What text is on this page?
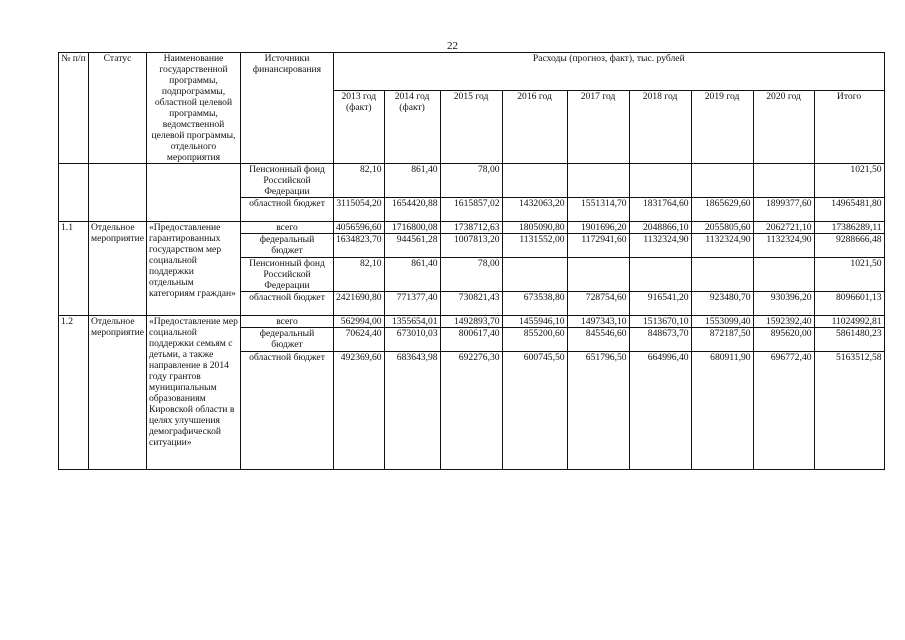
22
№ п/п	Статус	Наименование государственной программы, подпрограммы, областной целевой программы, ведомственной целевой программы, отдельного мероприятия	Источники финансирования	Расходы (прогноз, факт), тыс. рублей								
				2013 год (факт)	2014 год (факт)	2015 год	2016 год	2017 год	2018 год	2019 год	2020 год	Итого
			Пенсионный фонд Российской Федерации	82,10	861,40	78,00						1021,50
			областной бюджет	3115054,20	1654420,88	1615857,02	1432063,20	1551314,70	1831764,60	1865629,60	1899377,60	14965481,80
1.1	Отдельное мероприятие	«Предоставление гарантированных государством мер социальной поддержки отдельным категориям граждан»	всего	4056596,60	1716800,08	1738712,63	1805090,80	1901696,20	2048866,10	2055805,60	2062721,10	17386289,11
			федеральный бюджет	1634823,70	944561,28	1007813,20	1131552,00	1172941,60	1132324,90	1132324,90	1132324,90	9288666,48
			Пенсионный фонд Российской Федерации	82,10	861,40	78,00						1021,50
			областной бюджет	2421690,80	771377,40	730821,43	673538,80	728754,60	916541,20	923480,70	930396,20	8096601,13
1.2	Отдельное мероприятие	«Предоставление мер социальной поддержки семьям с детьми, а также направление в 2014 году грантов муниципальным образованиям Кировской области в целях улучшения демографической ситуации»	всего	562994,00	1355654,01	1492893,70	1455946,10	1497343,10	1513670,10	1553099,40	1592392,40	11024992,81
			федеральный бюджет	70624,40	673010,03	800617,40	855200,60	845546,60	848673,70	872187,50	895620,00	5861480,23
			областной бюджет	492369,60	683643,98	692276,30	600745,50	651796,50	664996,40	680911,90	696772,40	5163512,58
